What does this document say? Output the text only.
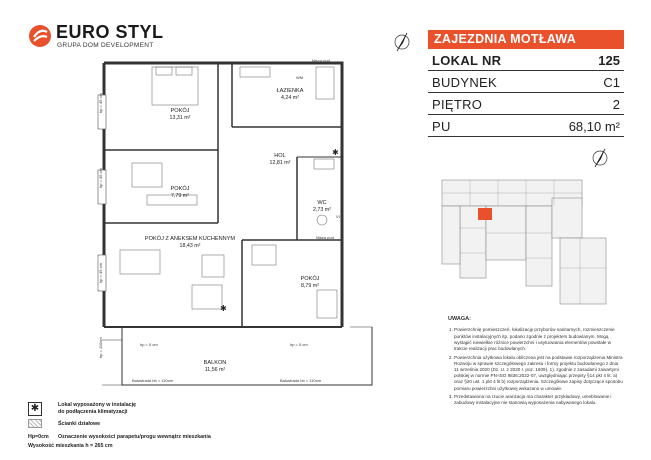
EURO STYL
GRUPA DOM DEVELOPMENT	ZAJEZDNIA MOTŁAWA
LOKAL NR	125
BUDYNEK	C1
PIĘTRO	2
PU	68,10 m²
✱
✱
POKÓJ
13,31 m²
ŁAZIENKA
4,24 m²
HOL
12,81 m²
POKÓJ
7,79 m²
WC
2,73 m²
POKÓJ Z ANEKSEM KUCHENNYM
18,43 m²
POKÓJ
8,79 m²
BALKON
11,56 m²
hp = 45 cm
hp = 45 cm
hp = 45 cm
hp = 110cm	hp = 0 cm	hp = 0 cm
Balustrada hb = 110cm	Balustrada hb = 110cm
Nisza pod
Nisza pod
WM
VI
UWAGA:
1. Powierzchnię pomieszczeń, lokalizację przyborów sanitarnych, rozmieszczenie punktów instalacyjnych itp. podano zgodnie z projektem budowlanym. Mogą wystąpić niewielkie różnice powierzchni i usytuowania elementów powstałe w trakcie realizacji prac budowlanych.
2. Powierzchnia użytkowa lokalu obliczona jest na podstawie rozporządzenia Ministra Rozwoju w sprawie szczegółowego zakresu i formy projektu budowlanego z dnia 11 września 2020 (Dz. U. z 2020 r. poz. 1609), 1), zgodnie z zasadami zawartymi polskiej w normie PN-ISO 9836:2022-07, uwzględniając przepisy §14 pkt 4 lit. a) oraz §20 ust. 1 pkt 4 lit b) rozporządzenia. Szczegółowe zapisy dotyczące sposobu pomiaru powierzchni użytkowej wskazano w umowie.
3. Przedstawiona na rzucie aranżacja ma charakter przykładowy, umeblowanie i zabudowy instalacyjne nie stanowią wyposażenia nabywanego lokalu.
✱	Lokal wyposażony w instalację
do podłączenia klimatyzacji
Ścianki działowe
Hp=0cm Oznaczenie wysokości parapetu/progu wewnątrz mieszkania
Wysokość mieszkania h = 265 cm
